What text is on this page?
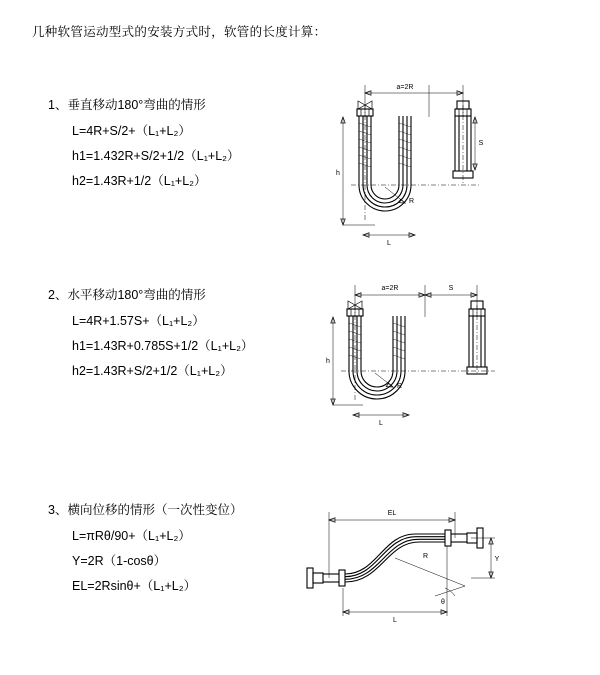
几种软管运动型式的安装方式时，软管的长度计算：
1、垂直移动180°弯曲的情形
L=4R+S/2+（L₁+L₂）
h1=1.432R+S/2+1/2（L₁+L₂）
h2=1.43R+1/2（L₁+L₂）
a=2R
S
h
R
L
2、水平移动180°弯曲的情形
L=4R+1.57S+（L₁+L₂）
h1=1.43R+0.785S+1/2（L₁+L₂）
h2=1.43R+S/2+1/2（L₁+L₂）
a=2R	S
h
R
L
3、横向位移的情形（一次性变位）
L=πRθ/90+（L₁+L₂）
Y=2R（1-cosθ）
EL=2Rsinθ+（L₁+L₂）
EL
Y
R
θ
L
